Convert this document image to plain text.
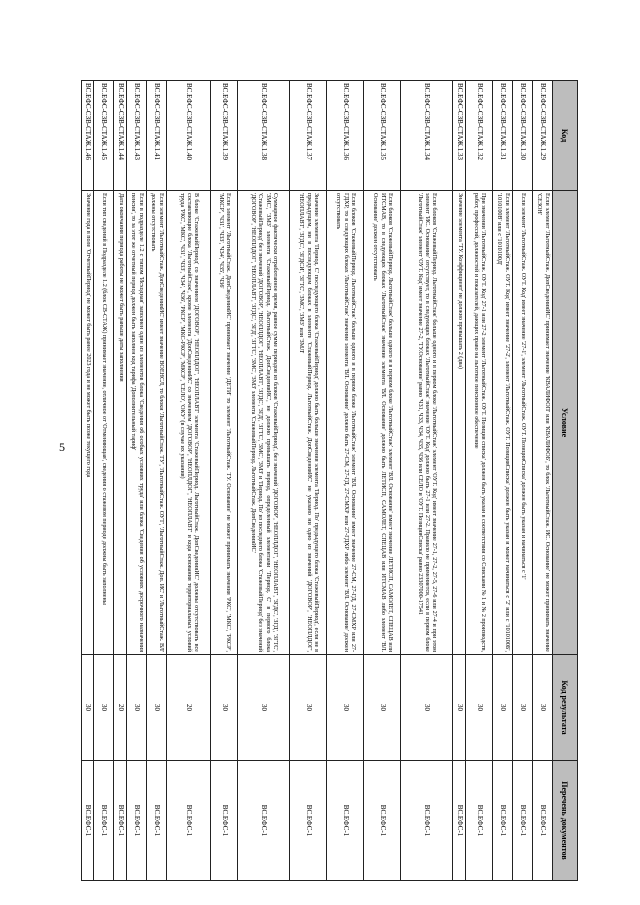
5
Код	Условие	Код результата	Перечень документов
ВС.ЕФС-СЗВ-СТАЖ.1.29	Если элемент 'ЛьготныйСтаж. ДопСведенияИС' принимает значение 'КВАЛИФОП' или 'КВАЛИФОБ', то блок 'ЛьготныйСтаж. ИС. Основание' не может принимать значение 'СЕЗОН'	30	ВС.ЕФС-1
ВС.ЕФС-СЗВ-СТАЖ.1.30	Если элемент 'ЛьготныйСтаж. ОУТ. Код' имеет значение '27-1', элемент 'ЛьготныйСтаж. ОУТ. ПозицияСписка' должен быть указан и начинаться с '1'	30	ВС.ЕФС-1
ВС.ЕФС-СЗВ-СТАЖ.1.31	Если элемент 'ЛьготныйСтаж. ОУТ. Код' имеет значение '27-2', элемент 'ЛьготныйСтаж. ОУТ. ПозицияСписка' должен быть указан и может начинаться с '2' или с '1010100Б', '1010100В' или с '1010100Д'	30	ВС.ЕФС-1
ВС.ЕФС-СЗВ-СТАЖ.1.32	При значении 'ЛьготныйСтаж. ОУТ. Код' 27-1 или 27-2 элемент 'ЛьготныйСтаж. ОУТ. Позиция списка' должен быть указан в соответствии со Списками № 1 и № 2 производств, работ, профессий, должностей и показателей, дающих право на льготное пенсионное обеспечение	30	ВС.ЕФС-1
ВС.ЕФС-СЗВ-СТАЖ.1.33	Значение элемента 'ТУ. Коэффициент' не должно превышать 2 (два)	30	ВС.ЕФС-1
ВС.ЕФС-СЗВ-СТАЖ.1.34	Если блоков 'СтажевыйПериод. ЛьготныйСтаж' больше одного и в первом блоке 'ЛьготныйСтаж' элемент 'ОУТ. Код' имеет значение 27-1, 27-2, 27-5, 27-6 или 27-4 и при этом элемент 'ИС. Основание' отсутствует, то в следующих блоках 'ЛьготныйСтаж' значение 'ОУТ. Код' должно быть 27-1 или 27-2. Правило не применяется, если в первом блоке 'ЛьготныйСтаж' элемент 'ОУТ. Код' имеет значение 27-2, 'ТУ.Основание' равно 'Ч31, Ч33, Ч34, Ч35, Ч36 или СЕЛО и 'ОУТ. ПозицияСписка' равно 23307000-17541	30	ВС.ЕФС-1
ВС.ЕФС-СЗВ-СТАЖ.1.35	Если блоков 'СтажевыйПериод. ЛьготныйСтаж' больше одного и в первом блоке 'ЛьготныйСтаж' элемент 'ВЛ. Основание' имеет значение ЛЕТИСП, САМОЛЕТ, СПЕЦАВ или ИТСМАВ, то в следующих блоках 'ЛьготныйСтаж' значение элемента 'ВЛ. Основание' должно быть ЛЕТИСП, САМОЛЕТ, СПЕЦАВ или ИТСМАВ либо элемент 'ВЛ. Основание' должен отсутствовать	30	ВС.ЕФС-1
ВС.ЕФС-СЗВ-СТАЖ.1.36	Если блоков 'СтажевыйПериод. ЛьготныйСтаж' больше одного и в первом блоке 'ЛьготныйСтаж' элемент 'ВЛ. Основание' имеет значение 27-СМ, 27-ГД, 27-СМХР или 27-ГДХР, то в следующих блоках 'ЛьготныйСтаж' значение элемента 'ВЛ. Основание' должно быть 27-СМ, 27-ГД, 27-СМХР или 27-ГДХР либо элемент 'ВЛ. Основание' должен отсутствовать	30	ВС.ЕФС-1
ВС.ЕФС-СЗВ-СТАЖ.1.37	Значение элемента 'Период. С' последующего блока 'СтажевыйПериод' должно быть больше значения элемента 'Период. По' предыдущего блока 'СтажевыйПериод', если не в предыдущем, ни в последующем блоках в элементе 'СтажевыйПериод. ЛьготныйСтаж. ДопСведенияИС' не указано ни одно из значений 'ДОГОВОР', 'НЕОПЛДОГ', 'НЕОПЛАВТ', 'ЗГДС', 'ЗГДСИ', 'ЗГТС', 'ЗМС', 'ЗМЗ' или 'ЗМЛ'	30	ВС.ЕФС-1
ВС.ЕФС-СЗВ-СТАЖ.1.38	Суммарное фактически отработанное время, равное сумме периодов из блоков 'СтажевыйПериод', без значений 'ДОГОВОР', 'НЕОПЛДОГ', 'НЕОПЛАВТ', 'ЗГДС', 'ЗГД', 'ЗГТС', 'ЗМС', 'ЗМЗ' элемента 'СтажевыйПериод. ЛьготныйСтаж. ДопСведенияИС', не должно превышать период, определенный элементами 'Период. С' в первого блока 'СтажевыйПериод' без значений 'ДОГОВОР', 'НЕОПЛДОГ', 'НЕОПЛАВТ', 'ЗГДС', 'ЗГД', 'ЗГТС', 'ЗМС', 'ЗМЗ' и 'Период. По' из последнего блока 'СтажевыйПериод' без значений 'ДОГОВОР', 'НЕОПЛДОГ', 'НЕОПЛАВТ', 'ЗГДС', 'ЗГД', 'ЗГТС', 'ЗМС', 'ЗМЗ' элемента 'СтажевыйПериод. ЛьготныйСтаж. ДопСведенияИС'	30	ВС.ЕФС-1
ВС.ЕФС-СЗВ-СТАЖ.1.39	Если элемент 'ЛьготныйСтаж. ДопСведенияИС' принимает значение 'ДЕТИ' то элемент 'ЛьготныйСтаж. ТУ. Основание' не может принимать значения 'РКС', 'МКС', 'РКСР', 'МКСР', 'Ч31', 'Ч33', 'Ч34', 'Ч35', 'Ч36'	30	ВС.ЕФС-1
ВС.ЕФС-СЗВ-СТАЖ.1.40	В блоке 'СтажевыйПериод' со значением 'ДОГОВОР', 'НЕОПЛДОГ', 'НЕОПЛАВТ' элемента 'СтажевыйПериод. ЛьготныйСтаж. ДопСведенияИС' должны отсутствовать все составляющие блока 'ЛьготныйСтаж', кроме элемента 'ДопСведенияИС' со значением 'ДОГОВОР', 'НЕОПЛДОГ', 'НЕОПЛАВТ' и кода основания территориальных условий труда 'РКС', 'МКС', 'Ч31', 'Ч33', 'Ч34', 'Ч36', 'РКСР', 'МКС-РКСР', 'МКСР', 'СЕЛО', 'ОКУ' (в случае их указания)	20	ВС.ЕФС-1
ВС.ЕФС-СЗВ-СТАЖ.1.41	Если элемент 'ЛьготныйСтаж. ДопСведенияИС' имеет значение ВОЕНСЛ, то блоки 'ЛьготныйСтаж. ТУ', 'ЛьготныйСтаж. ОУТ', 'ЛьготныйСтаж. Доп. ИС' и 'ЛьготныйСтаж. ВЛ' должны отсутствовать	30	ВС.ЕФС-1
ВС.ЕФС-СЗВ-СТАЖ.1.43	Если в подразделе 1.2 с типом 'Исходная' заполнен один из элементов блока 'Сведения об особых условиях труда' или блока 'Сведения об условиях досрочного назначения пенсии', то за этот же отчетный период должен быть заполнен код тарифа 'Дополнительный тариф'	30	ВС.ЕФС-1
ВС.ЕФС-СЗВ-СТАЖ.1.44	Дата окончания периода работы не может быть раньше даты заполнения	20	ВС.ЕФС-1
ВС.ЕФС-СЗВ-СТАЖ.1.45	Если тип сведений в Подразделе 1.2 (блок СВ-СТАЖ) принимает значение, отличное от 'Отменяющая', сведения о стажевом периоде должны быть заполнены	30	ВС.ЕФС-1
ВС.ЕФС-СЗВ-СТАЖ.1.46	Значение года в поле 'ОтчетныйПериод' не может быть ранее 2023 года и не может быть позже текущего года	30	ВС.ЕФС-1
